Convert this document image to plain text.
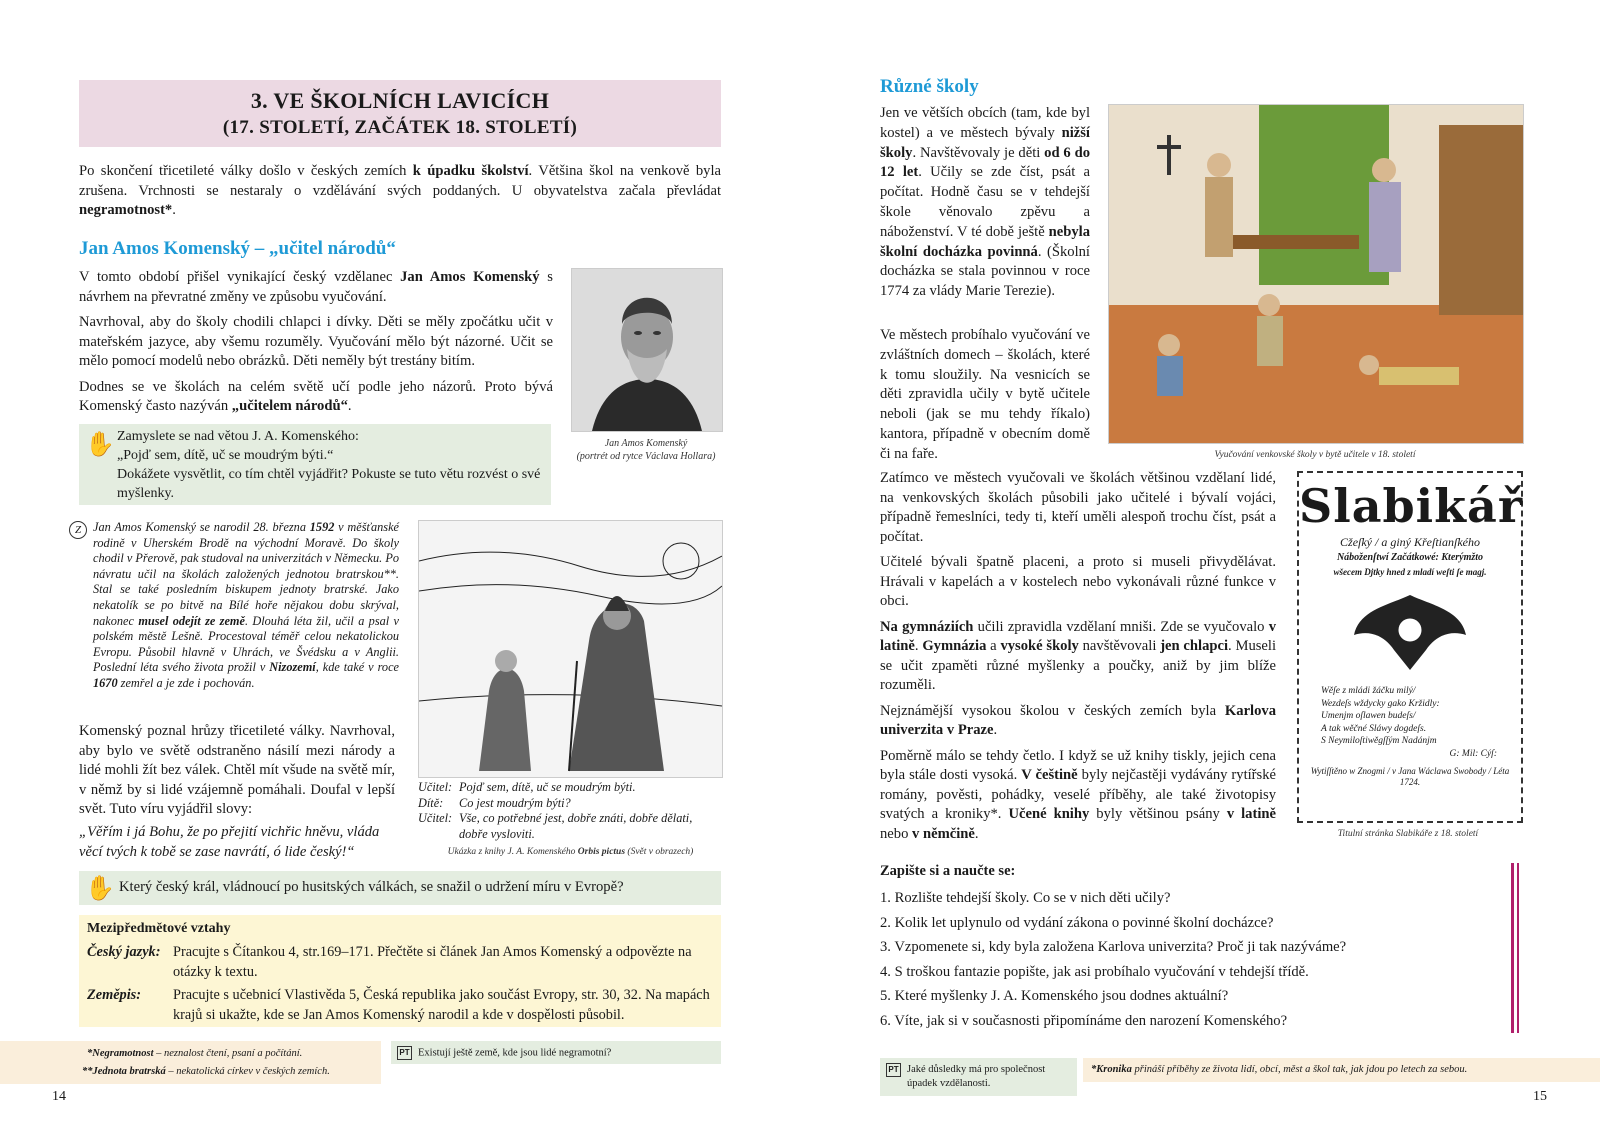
3. VE ŠKOLNÍCH LAVICÍCH
(17. STOLETÍ, ZAČÁTEK 18. STOLETÍ)
Po skončení třicetileté války došlo v českých zemích k úpadku školství. Většina škol na venkově byla zrušena. Vrchnosti se nestaraly o vzdělávání svých poddaných. U obyvatelstva začala převládat negramotnost*.
Jan Amos Komenský – „učitel národů“
V tomto období přišel vynikající český vzdělanec Jan Amos Komenský s návrhem na převratné změny ve způsobu vyučování.
Navrhoval, aby do školy chodili chlapci i dívky. Děti se měly zpočátku učit v mateřském jazyce, aby všemu rozuměly. Vyučování mělo být názorné. Učit se mělo pomocí modelů nebo obrázků. Děti neměly být trestány bitím.
Dodnes se ve školách na celém světě učí podle jeho názorů. Proto bývá Komenský často nazýván „učitelem národů“.
Jan Amos Komenský
(portrét od rytce Václava Hollara)
✋ Zamyslete se nad větou J. A. Komenského:
„Pojď sem, dítě, uč se moudrým býti.“
Dokážete vysvětlit, co tím chtěl vyjádřit? Pokuste se tuto větu rozvést o své myšlenky.
Z Jan Amos Komenský se narodil 28. března 1592 v měšťanské rodině v Uherském Brodě na východní Moravě. Do školy chodil v Přerově, pak studoval na univerzitách v Německu. Po návratu učil na školách založených jednotou bratrskou**. Stal se také posledním biskupem jednoty bratrské. Jako nekatolík se po bitvě na Bílé hoře nějakou dobu skrýval, nakonec musel odejít ze země. Dlouhá léta žil, učil a psal v polském městě Lešně. Procestoval téměř celou nekatolickou Evropu. Působil hlavně v Uhrách, ve Švédsku a v Anglii. Poslední léta svého života prožil v Nizozemí, kde také v roce 1670 zemřel a je zde i pochován.
Učitel: Pojď sem, dítě, uč se moudrým býti.
Dítě:	Co jest moudrým býti?
Učitel: Vše, co potřebné jest, dobře znáti, dobře dělati, dobře vysloviti.
Ukázka z knihy J. A. Komenského Orbis pictus (Svět v obrazech)
Komenský poznal hrůzy třicetileté války. Navrhoval, aby bylo ve světě odstraněno násilí mezi národy a lidé mohli žít bez válek. Chtěl mít všude na světě mír, v němž by si lidé vzájemně pomáhali. Doufal v lepší svět. Tuto víru vyjádřil slovy:
„Věřím i já Bohu, že po přejití vichřic hněvu, vláda věcí tvých k tobě se zase navrátí, ó lide český!“
✋ Který český král, vládnoucí po husitských válkách, se snažil o udržení míru v Evropě?
Mezipředmětové vztahy
Český jazyk: Pracujte s Čítankou 4, str.169–171. Přečtěte si článek Jan Amos Komenský a odpovězte na otázky k textu.
Zeměpis:	Pracujte s učebnicí Vlastivěda 5, Česká republika jako součást Evropy, str. 30, 32. Na mapách krajů si ukažte, kde se Jan Amos Komenský narodil a kde v dospělosti působil.
*Negramotnost – neznalost čtení, psaní a počítání.
**Jednota bratrská – nekatolická církev v českých zemích.
PT Existují ještě země, kde jsou lidé negramotní?
14
Různé školy
Jen ve větších obcích (tam, kde byl kostel) a ve městech bývaly nižší školy. Navštěvovaly je děti od 6 do 12 let. Učily se zde číst, psát a počítat. Hodně času se v tehdejší škole věnovalo zpěvu a náboženství. V té době ještě nebyla školní docházka povinná. (Školní docházka se stala povinnou v roce 1774 za vlády Marie Terezie).
Ve městech probíhalo vyučování ve zvláštních domech – školách, které k tomu sloužily. Na vesnicích se děti zpravidla učily v bytě učitele neboli (jak se mu tehdy říkalo) kantora, případně v obecním domě či na faře.	Vyučování venkovské školy v bytě učitele v 18. století
Zatímco ve městech vyučovali ve školách většinou vzdělaní lidé, na venkovských školách působili jako učitelé i bývalí vojáci, případně řemeslníci, tedy ti, kteří uměli alespoň trochu číst, psát a počítat.
Učitelé bývali špatně placeni, a proto si museli přivydělávat. Hrávali v kapelách a v kostelech nebo vykonávali různé funkce v obci.
Na gymnáziích učili zpravidla vzdělaní mniši. Zde se vyučovalo v latině. Gymnázia a vysoké školy navštěvovali jen chlapci. Museli se učit zpaměti různé myšlenky a poučky, aniž by jim blíže rozuměli.
Nejznámější vysokou školou v českých zemích byla Karlova univerzita v Praze.
Poměrně málo se tehdy četlo. I když se už knihy tiskly, jejich cena byla stále dosti vysoká. V češtině byly nejčastěji vydávány rytířské romány, pověsti, pohádky, veselé příběhy, ale také životopisy svatých a kroniky*. Učené knihy byly většinou psány v latině nebo v němčině.
Slabikář
Cžeſký / a giný Křeſtianſkého
Náboženſtwí Začátkowé: Kterýmžto
wšecem Djtky hned z mladí weſti ſe magj.
Wěſe z mládi žáčku milý/
Wezdeſs wždycky gako Kržidly:
Umenjm oſlawen budeſs/
A tak wěčné Sláwy dogdeſs.
S Neymiloſtiwěgſſým Nadánjm
G: Mil: Cýſ:
Wytiſſtěno w Znogmi / v Jana Wáclawa Swobody / Léta 1724.
Titulní stránka Slabikáře z 18. století
Zapište si a naučte se:
1. Rozlište tehdejší školy. Co se v nich děti učily?
2. Kolik let uplynulo od vydání zákona o povinné školní docházce?
3. Vzpomenete si, kdy byla založena Karlova univerzita? Proč ji tak nazýváme?
4. S troškou fantazie popište, jak asi probíhalo vyučování v tehdejší třídě.
5. Které myšlenky J. A. Komenského jsou dodnes aktuální?
6. Víte, jak si v současnosti připomínáme den narození Komenského?
PT Jaké důsledky má pro společnost úpadek vzdělanosti.
*Kronika přináší příběhy ze života lidí, obcí, měst a škol tak, jak jdou po letech za sebou.
15
